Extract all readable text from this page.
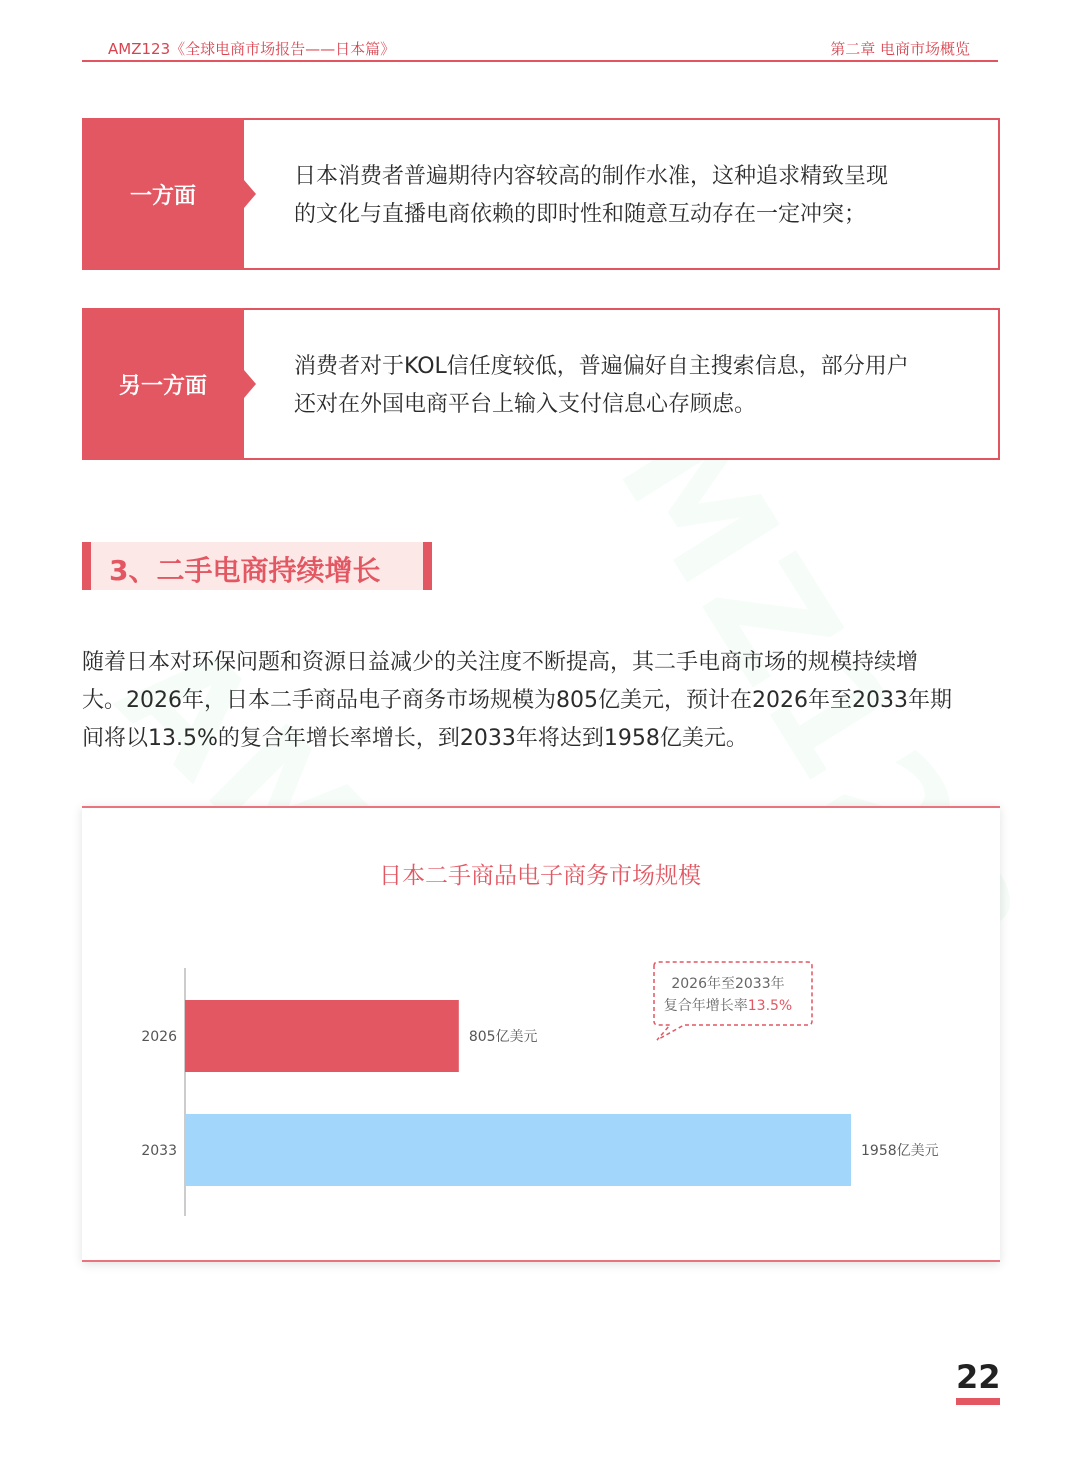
AMZ123《全球电商市场报告——日本篇》	第二章 电商市场概览
一方面
日本消费者普遍期待内容较高的制作水准，这种追求精致呈现
的文化与直播电商依赖的即时性和随意互动存在一定冲突；
另一方面
消费者对于KOL信任度较低，普遍偏好自主搜索信息，部分用户
还对在外国电商平台上输入支付信息心存顾虑。
3、二手电商持续增长
随着日本对环保问题和资源日益减少的关注度不断提高，其二手电商市场的规模持续增
大。2026年，日本二手商品电子商务市场规模为805亿美元，预计在2026年至2033年期
间将以13.5%的复合年增长率增长，到2033年将达到1958亿美元。
日本二手商品电子商务市场规模
2026	805亿美元
2033	1958亿美元
2026年至2033年
复合年增长率13.5%
22
